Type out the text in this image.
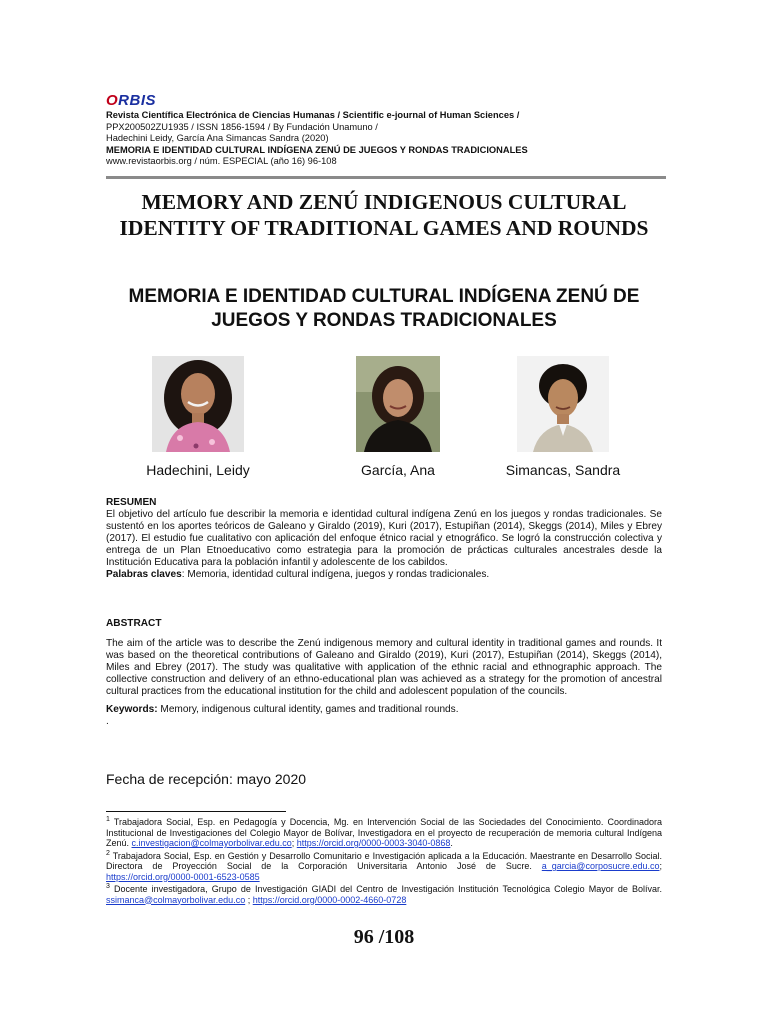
ORBIS
Revista Científica Electrónica de Ciencias Humanas / Scientific e-journal of Human Sciences /
PPX200502ZU1935 / ISSN 1856-1594 / By Fundación Unamuno /
Hadechini Leidy, García Ana Simancas Sandra (2020)
MEMORIA E IDENTIDAD CULTURAL INDÍGENA ZENÚ DE JUEGOS Y RONDAS TRADICIONALES
www.revistaorbis.org / núm. ESPECIAL (año 16) 96-108
MEMORY AND ZENÚ INDIGENOUS CULTURAL IDENTITY OF TRADITIONAL GAMES AND ROUNDS
MEMORIA E IDENTIDAD CULTURAL INDÍGENA ZENÚ DE JUEGOS Y RONDAS TRADICIONALES
Hadechini, Leidy	García, Ana	Simancas, Sandra
RESUMEN
El objetivo del artículo fue describir la memoria e identidad cultural indígena Zenú en los juegos y rondas tradicionales. Se sustentó en los aportes teóricos de Galeano y Giraldo (2019), Kuri (2017), Estupiñan (2014), Skeggs (2014), Miles y Ebrey (2017). El estudio fue cualitativo con aplicación del enfoque étnico racial y etnográfico. Se logró la construcción colectiva y entrega de un Plan Etnoeducativo como estrategia para la promoción de prácticas culturales ancestrales desde la Institución Educativa para la población infantil y adolescente de los cabildos.
Palabras claves: Memoria, identidad cultural indígena, juegos y rondas tradicionales.
ABSTRACT
The aim of the article was to describe the Zenú indigenous memory and cultural identity in traditional games and rounds. It was based on the theoretical contributions of Galeano and Giraldo (2019), Kuri (2017), Estupiñan (2014), Skeggs (2014), Miles and Ebrey (2017). The study was qualitative with application of the ethnic racial and ethnographic approach. The collective construction and delivery of an ethno-educational plan was achieved as a strategy for the promotion of ancestral cultural practices from the educational institution for the child and adolescent population of the councils.
Keywords: Memory, indigenous cultural identity, games and traditional rounds.
.
Fecha de recepción: mayo 2020
$^1$ Trabajadora Social, Esp. en Pedagogía y Docencia, Mg. en Intervención Social de las Sociedades del Conocimiento. Coordinadora Institucional de Investigaciones del Colegio Mayor de Bolívar, Investigadora en el proyecto de recuperación de memoria cultural Indígena Zenú. c.investigacion@colmayorbolivar.edu.co; https://orcid.org/0000-0003-3040-0868.
$^2$ Trabajadora Social, Esp. en Gestión y Desarrollo Comunitario e Investigación aplicada a la Educación. Maestrante en Desarrollo Social. Directora de Proyección Social de la Corporación Universitaria Antonio José de Sucre. a_garcia@corposucre.edu.co; https://orcid.org/0000-0001-6523-0585
$^3$ Docente investigadora, Grupo de Investigación GIADI del Centro de Investigación Institución Tecnológica Colegio Mayor de Bolívar. ssimanca@colmayorbolivar.edu.co ; https://orcid.org/0000-0002-4660-0728
96 /108
